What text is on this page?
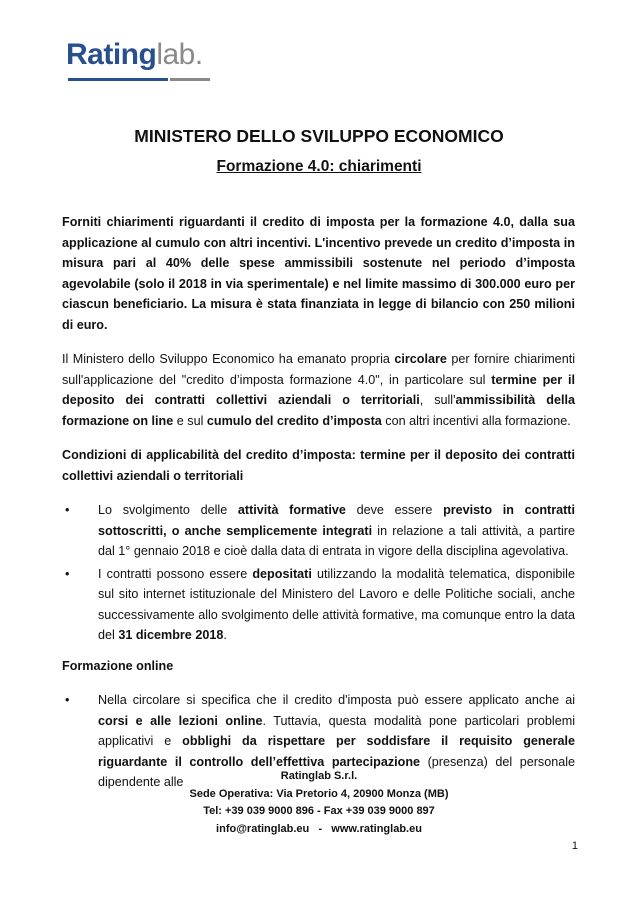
Ratinglab.
MINISTERO DELLO SVILUPPO ECONOMICO
Formazione 4.0: chiarimenti

Forniti chiarimenti riguardanti il credito di imposta per la formazione 4.0, dalla sua applicazione al cumulo con altri incentivi. L'incentivo prevede un credito d’imposta in misura pari al 40% delle spese ammissibili sostenute nel periodo d’imposta agevolabile (solo il 2018 in via sperimentale) e nel limite massimo di 300.000 euro per ciascun beneficiario. La misura è stata finanziata in legge di bilancio con 250 milioni di euro.

Il Ministero dello Sviluppo Economico ha emanato propria circolare per fornire chiarimenti sull'applicazione del "credito d’imposta formazione 4.0", in particolare sul termine per il deposito dei contratti collettivi aziendali o territoriali, sull'ammissibilità della formazione on line e sul cumulo del credito d’imposta con altri incentivi alla formazione.

Condizioni di applicabilità del credito d’imposta: termine per il deposito dei contratti collettivi aziendali o territoriali

• Lo svolgimento delle attività formative deve essere previsto in contratti sottoscritti, o anche semplicemente integrati in relazione a tali attività, a partire dal 1° gennaio 2018 e cioè dalla data di entrata in vigore della disciplina agevolativa.
• I contratti possono essere depositati utilizzando la modalità telematica, disponibile sul sito internet istituzionale del Ministero del Lavoro e delle Politiche sociali, anche successivamente allo svolgimento delle attività formative, ma comunque entro la data del 31 dicembre 2018.

Formazione online

• Nella circolare si specifica che il credito d'imposta può essere applicato anche ai corsi e alle lezioni online. Tuttavia, questa modalità pone particolari problemi applicativi e obblighi da rispettare per soddisfare il requisito generale riguardante il controllo dell’effettiva partecipazione (presenza) del personale dipendente alle	Ratinglab S.r.l.
Sede Operativa: Via Pretorio 4, 20900 Monza (MB)
Tel: +39 039 9000 896 - Fax +39 039 9000 897
info@ratinglab.eu   -   www.ratinglab.eu
1
